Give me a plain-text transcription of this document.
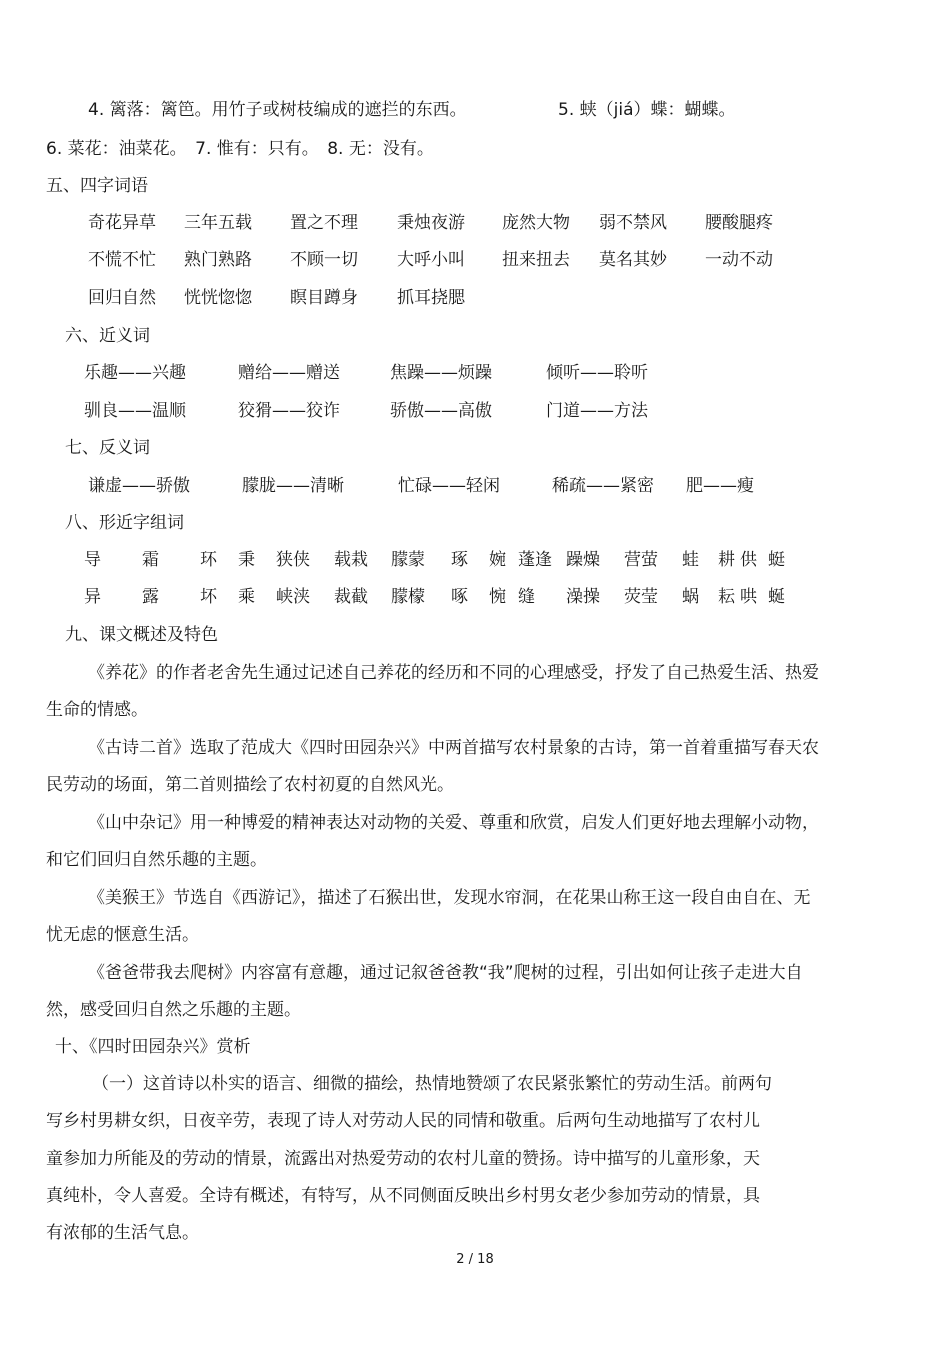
4. 篱落：篱笆。用竹子或树枝编成的遮拦的东西。	5. 蛱（jiá）蝶：蝴蝶。
6. 菜花：油菜花。　7. 惟有：只有。　8. 无：没有。
五、四字词语
奇花异草 三年五载 置之不理 秉烛夜游 庞然大物 弱不禁风 腰酸腿疼
不慌不忙 熟门熟路 不顾一切 大呼小叫 扭来扭去 莫名其妙 一动不动
回归自然 恍恍惚惚 瞑目蹲身 抓耳挠腮
六、近义词
乐趣——兴趣	赠给——赠送	焦躁——烦躁	倾听——聆听
驯良——温顺	狡猾——狡诈	骄傲——高傲	门道——方法
七、反义词
谦虚——骄傲	朦胧——清晰	忙碌——轻闲	稀疏——紧密 肥——瘦
八、形近字组词
导 霜 环 秉 狭侠 载栽 朦蒙 琢 婉 蓬逢 躁燥 营萤 蛙 耕 供 蜓
异 露 坏 乘 峡浃 裁截 朦檬 啄 惋 缝 澡操 荧莹 蜗 耘 哄 蜒
九、课文概述及特色
《养花》的作者老舍先生通过记述自己养花的经历和不同的心理感受，抒发了自己热爱生活、热爱
生命的情感。
《古诗二首》选取了范成大《四时田园杂兴》中两首描写农村景象的古诗，第一首着重描写春天农
民劳动的场面，第二首则描绘了农村初夏的自然风光。
《山中杂记》用一种博爱的精神表达对动物的关爱、尊重和欣赏，启发人们更好地去理解小动物，
和它们回归自然乐趣的主题。
《美猴王》节选自《西游记》，描述了石猴出世，发现水帘洞，在花果山称王这一段自由自在、无
忧无虑的惬意生活。
《爸爸带我去爬树》内容富有意趣，通过记叙爸爸教“我”爬树的过程，引出如何让孩子走进大自
然，感受回归自然之乐趣的主题。
十、《四时田园杂兴》赏析
（一）这首诗以朴实的语言、细微的描绘，热情地赞颂了农民紧张繁忙的劳动生活。前两句
写乡村男耕女织，日夜辛劳，表现了诗人对劳动人民的同情和敬重。后两句生动地描写了农村儿
童参加力所能及的劳动的情景，流露出对热爱劳动的农村儿童的赞扬。诗中描写的儿童形象，天
真纯朴，令人喜爱。全诗有概述，有特写，从不同侧面反映出乡村男女老少参加劳动的情景，具
有浓郁的生活气息。
2 / 18
